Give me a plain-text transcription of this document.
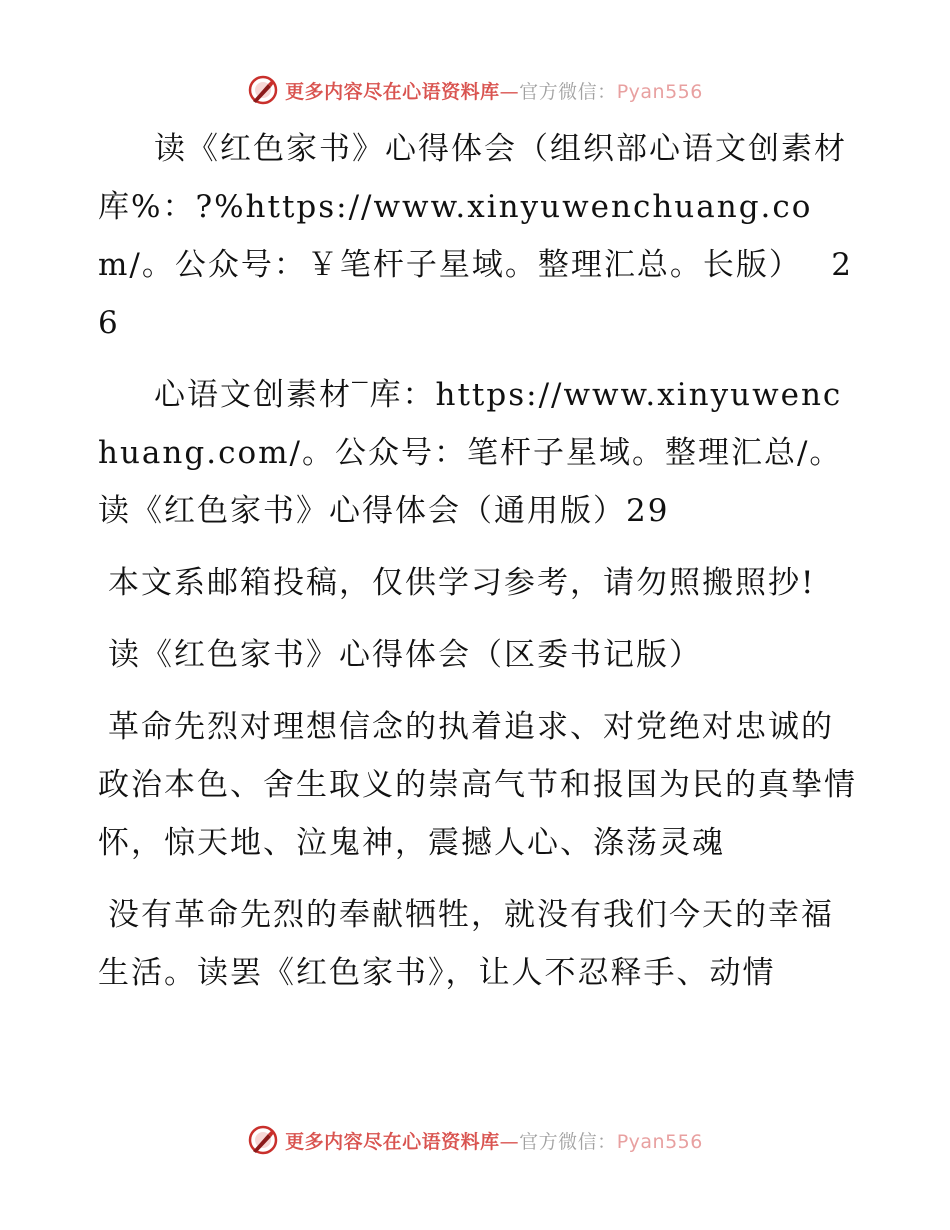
更多内容尽在心语资料库—官方微信：Pyan556

读《红色家书》心得体会（组织部心语文创素材库%：?%https://www.xinyuwenchuang.com/。公众号：￥笔杆子星域。整理汇总。长版）　 26

心语文创素材‾库：https://www.xinyuwenchuang.com/。公众号：笔杆子星域。整理汇总/。读《红色家书》心得体会（通用版）29

本文系邮箱投稿，仅供学习参考，请勿照搬照抄!

读《红色家书》心得体会（区委书记版）

革命先烈对理想信念的执着追求、对党绝对忠诚的政治本色、舍生取义的崇高气节和报国为民的真挚情怀，惊天地、泣鬼神，震撼人心、涤荡灵魂

没有革命先烈的奉献牺牲，就没有我们今天的幸福生活。读罢《红色家书》，让人不忍释手、动情

更多内容尽在心语资料库—官方微信：Pyan556
